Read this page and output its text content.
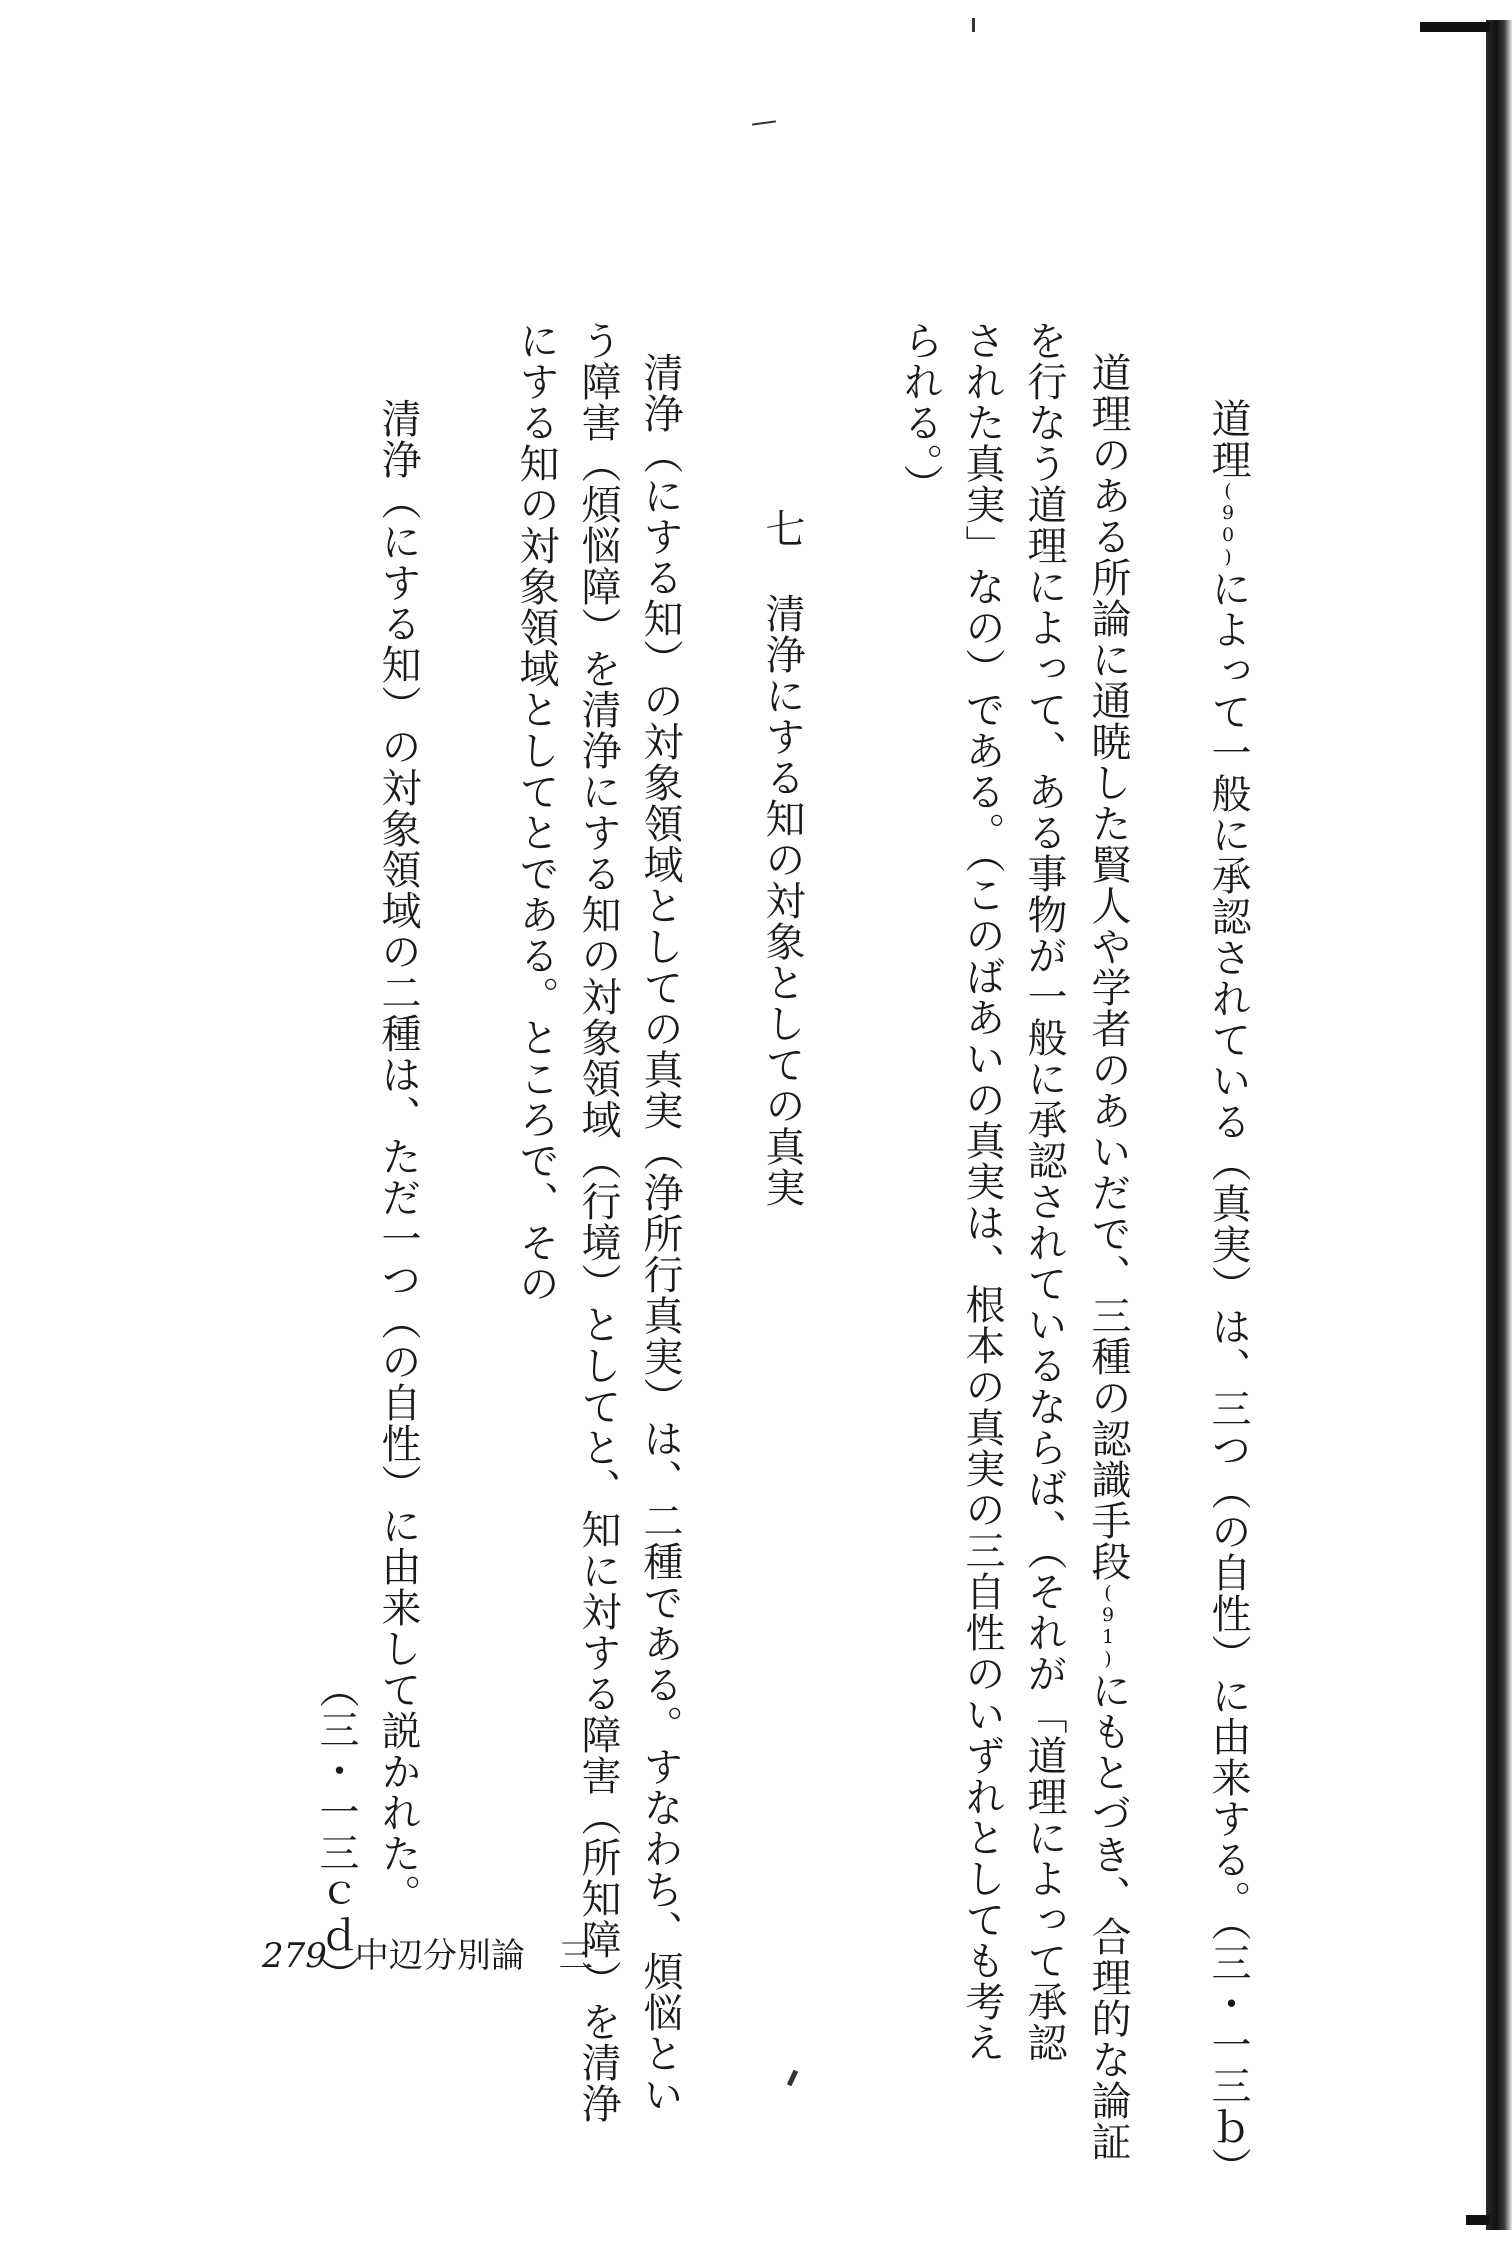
道理(90)によって一般に承認されている（真実）は、三つ（の自性）に由来する。（三・一三ｂ）
道理のある所論に通暁した賢人や学者のあいだで、三種の認識手段(91)にもとづき、合理的な論証
を行なう道理によって、ある事物が一般に承認されているならば、（それが「道理によって承認
された真実」なの）である。（このばあいの真実は、根本の真実の三自性のいずれとしても考え
られる。）
七清浄にする知の対象としての真実
清浄（にする知）の対象領域としての真実（浄所行真実）は、二種である。すなわち、煩悩とい
う障害（煩悩障）を清浄にする知の対象領域（行境）としてと、知に対する障害（所知障）を清浄
にする知の対象領域としてとである。ところで、その
清浄（にする知）の対象領域の二種は、ただ一つ（の自性）に由来して説かれた。
（三・一三ｃｄ）
279 中辺分別論　三
